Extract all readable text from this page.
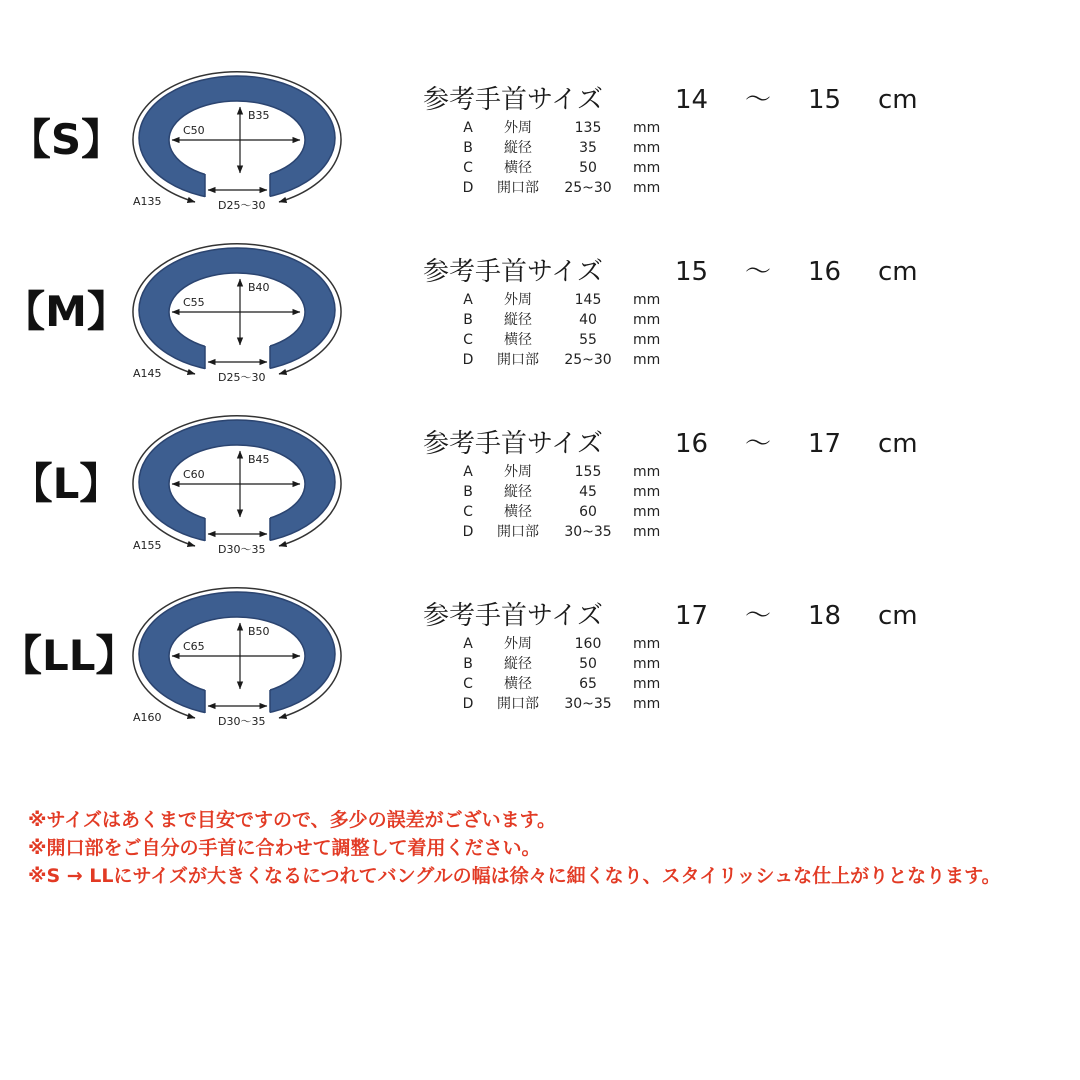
【S】	B35
C50
A135	D25〜30
参考手首サイズ	14 〜 15 cm
A	外周	135	mm
B	縦径	35	mm
C	横径	50	mm
D	開口部	25~30	mm
【M】	B40
C55
A145	D25〜30
参考手首サイズ	15 〜 16 cm
A	外周	145	mm
B	縦径	40	mm
C	横径	55	mm
D	開口部	25~30	mm
【L】	B45
C60
A155	D30〜35
参考手首サイズ	16 〜 17 cm
A	外周	155	mm
B	縦径	45	mm
C	横径	60	mm
D	開口部	30~35	mm
【LL】	B50
C65
A160	D30〜35
参考手首サイズ	17 〜 18 cm
A	外周	160	mm
B	縦径	50	mm
C	横径	65	mm
D	開口部	30~35	mm
※サイズはあくまで目安ですので、多少の誤差がございます。
※開口部をご自分の手首に合わせて調整して着用ください。
※S → LLにサイズが大きくなるにつれてバングルの幅は徐々に細くなり、スタイリッシュな仕上がりとなります。
